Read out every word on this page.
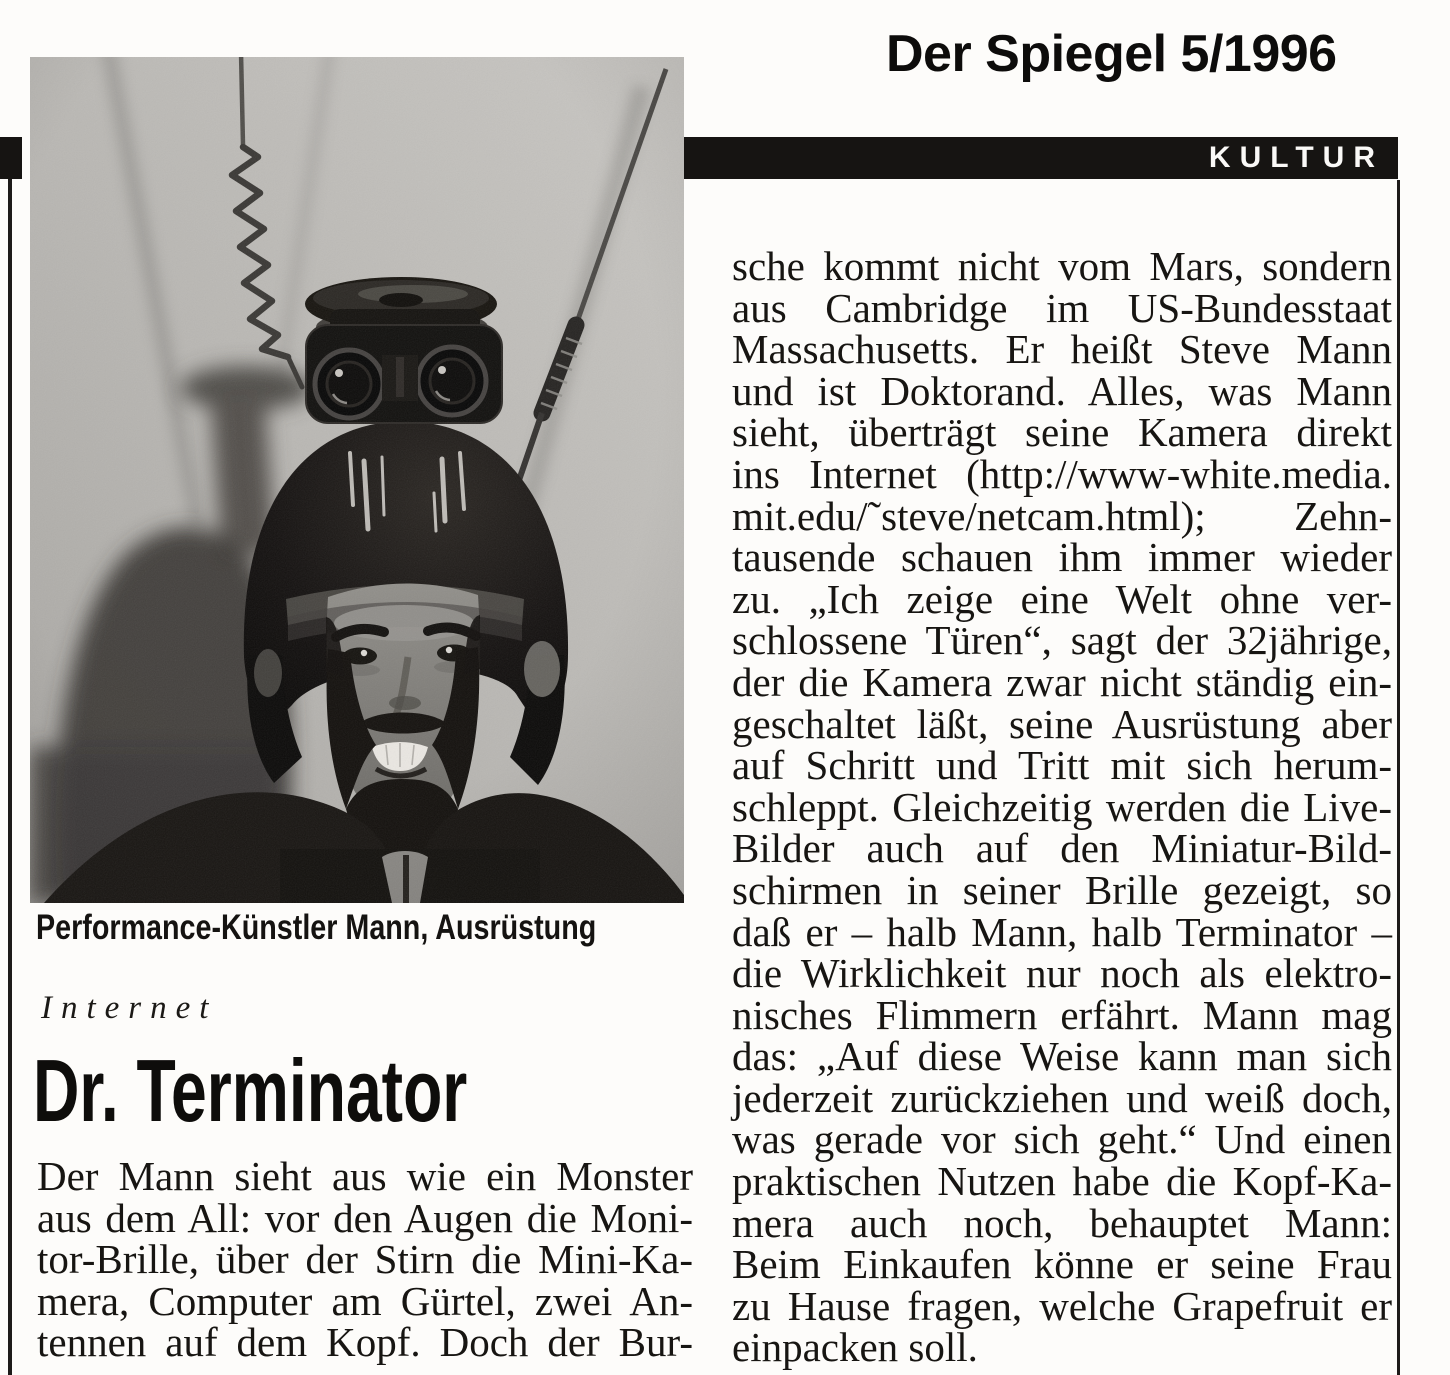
Der Spiegel 5/1996
KULTUR
Performance-Künstler Mann, Ausrüstung
Internet
Dr. Terminator
Der Mann sieht aus wie ein Monster
aus dem All: vor den Augen die Moni-
tor-Brille, über der Stirn die Mini-Ka-
mera, Computer am Gürtel, zwei An-
tennen auf dem Kopf. Doch der Bur-
sche kommt nicht vom Mars, sondern
aus Cambridge im US-Bundesstaat
Massachusetts. Er heißt Steve Mann
und ist Doktorand. Alles, was Mann
sieht, überträgt seine Kamera direkt
ins Internet (http://www-white.media.
mit.edu/˜steve/netcam.html); Zehn-
tausende schauen ihm immer wieder
zu. „Ich zeige eine Welt ohne ver-
schlossene Türen“, sagt der 32jährige,
der die Kamera zwar nicht ständig ein-
geschaltet läßt, seine Ausrüstung aber
auf Schritt und Tritt mit sich herum-
schleppt. Gleichzeitig werden die Live-
Bilder auch auf den Miniatur-Bild-
schirmen in seiner Brille gezeigt, so
daß er – halb Mann, halb Terminator –
die Wirklichkeit nur noch als elektro-
nisches Flimmern erfährt. Mann mag
das: „Auf diese Weise kann man sich
jederzeit zurückziehen und weiß doch,
was gerade vor sich geht.“ Und einen
praktischen Nutzen habe die Kopf-Ka-
mera auch noch, behauptet Mann:
Beim Einkaufen könne er seine Frau
zu Hause fragen, welche Grapefruit er
einpacken soll.
